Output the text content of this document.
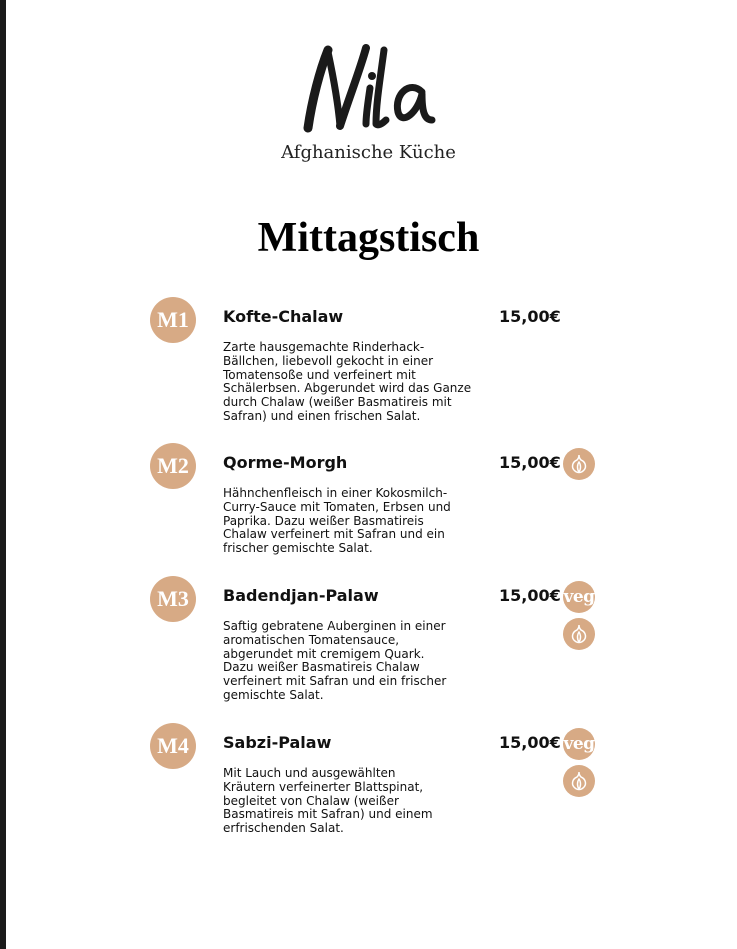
Afghanische Küche
Mittagstisch
M1	Kofte-Chalaw	15,00€
Zarte hausgemachte Rinderhack-
Bällchen, liebevoll gekocht in einer
Tomatensoße und verfeinert mit
Schälerbsen. Abgerundet wird das Ganze
durch Chalaw (weißer Basmatireis mit
Safran) und einen frischen Salat.
M2	Qorme-Morgh	15,00€
Hähnchenfleisch in einer Kokosmilch-
Curry-Sauce mit Tomaten, Erbsen und
Paprika. Dazu weißer Basmatireis
Chalaw verfeinert mit Safran und ein
frischer gemischte Salat.
M3	Badendjan-Palaw	15,00€ veg
Saftig gebratene Auberginen in einer
aromatischen Tomatensauce,
abgerundet mit cremigem Quark.
Dazu weißer Basmatireis Chalaw
verfeinert mit Safran und ein frischer
gemischte Salat.
M4	Sabzi-Palaw	15,00€ veg
Mit Lauch und ausgewählten
Kräutern verfeinerter Blattspinat,
begleitet von Chalaw (weißer
Basmatireis mit Safran) und einem
erfrischenden Salat.
